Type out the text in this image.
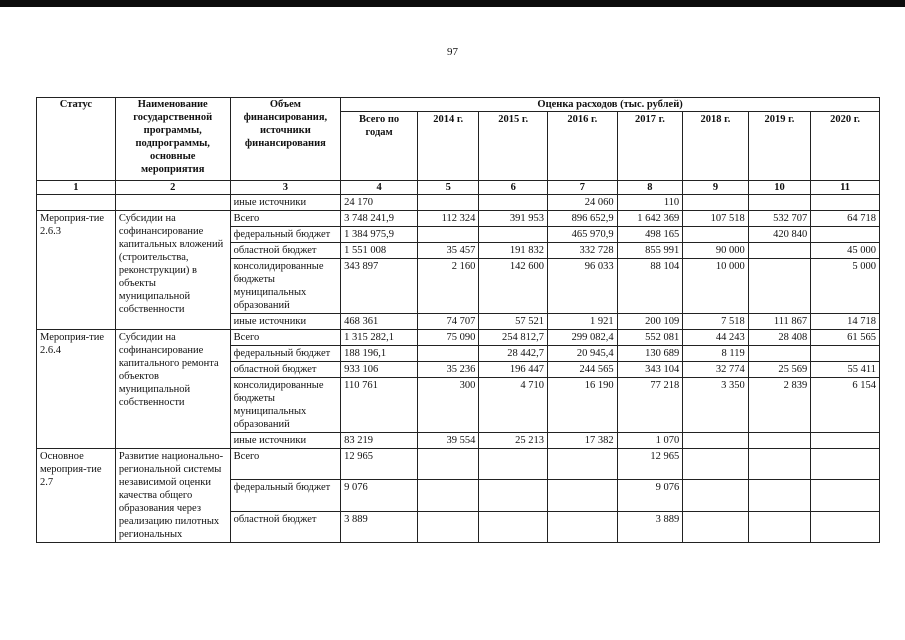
97
Статус	Наименование государственной программы, подпрограммы, основные мероприятия	Объем финансирования, источники финансирования	Оценка расходов (тыс. рублей)							
			Всего по годам	2014 г.	2015 г.	2016 г.	2017 г.	2018 г.	2019 г.	2020 г.
1	2	3	4	5	6	7	8	9	10	11
		иные источники	24 170			24 060	110			
Мероприя-тие 2.6.3	Субсидии на софинансирование капитальных вложений (строительства, реконструкции) в объекты муниципальной собственности	Всего	3 748 241,9	112 324	391 953	896 652,9	1 642 369	107 518	532 707	64 718
		федеральный бюджет	1 384 975,9			465 970,9	498 165		420 840	
		областной бюджет	1 551 008	35 457	191 832	332 728	855 991	90 000		45 000
		консолидированные бюджеты муниципальных образований	343 897	2 160	142 600	96 033	88 104	10 000		5 000
		иные источники	468 361	74 707	57 521	1 921	200 109	7 518	111 867	14 718
Мероприя-тие 2.6.4	Субсидии на софинансирование капитального ремонта объектов муниципальной собственности	Всего	1 315 282,1	75 090	254 812,7	299 082,4	552 081	44 243	28 408	61 565
		федеральный бюджет	188 196,1		28 442,7	20 945,4	130 689	8 119		
		областной бюджет	933 106	35 236	196 447	244 565	343 104	32 774	25 569	55 411
		консолидированные бюджеты муниципальных образований	110 761	300	4 710	16 190	77 218	3 350	2 839	6 154
		иные источники	83 219	39 554	25 213	17 382	1 070			
Основное мероприя-тие 2.7	Развитие национально-региональной системы независимой оценки качества общего образования через реализацию пилотных региональных	Всего	12 965				12 965			
		федеральный бюджет	9 076				9 076			
		областной бюджет	3 889				3 889			
